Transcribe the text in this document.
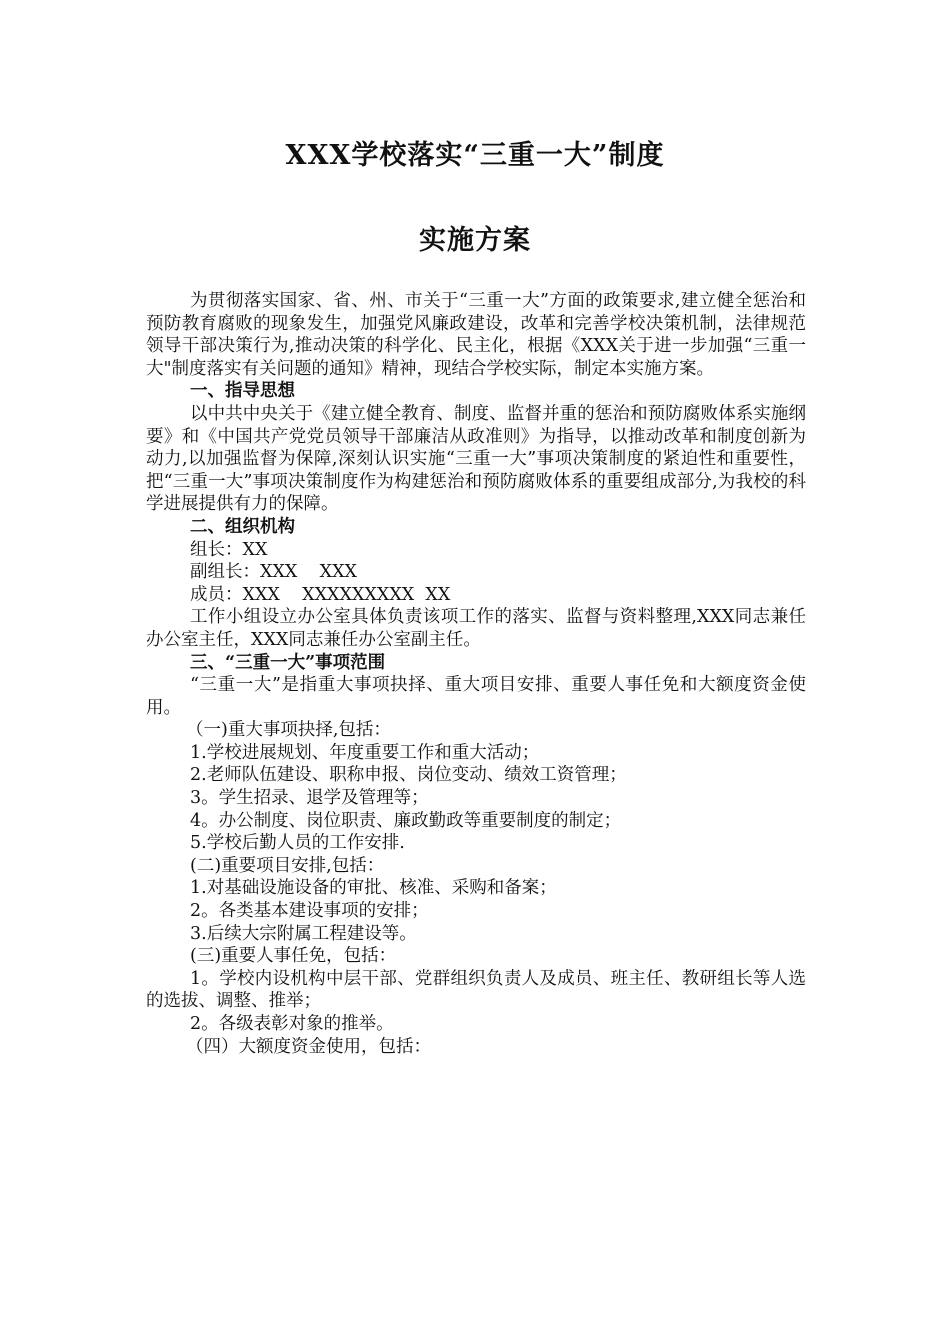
XXX学校落实“三重一大”制度
实施方案

为贯彻落实国家、省、州、市关于“三重一大”方面的政策要求,建立健全惩治和预防教育腐败的现象发生，加强党风廉政建设，改革和完善学校决策机制，法律规范领导干部决策行为,推动决策的科学化、民主化，根据《XXX关于进一步加强“三重一大"制度落实有关问题的通知》精神，现结合学校实际，制定本实施方案。

一、指导思想

以中共中央关于《建立健全教育、制度、监督并重的惩治和预防腐败体系实施纲要》和《中国共产党党员领导干部廉洁从政准则》为指导，以推动改革和制度创新为动力,以加强监督为保障,深刻认识实施“三重一大”事项决策制度的紧迫性和重要性，把“三重一大”事项决策制度作为构建惩治和预防腐败体系的重要组成部分,为我校的科学进展提供有力的保障。

二、组织机构

组长：XX

副组长：XXX    XXX

成员：XXX    XXXXXXXXX  XX

工作小组设立办公室具体负责该项工作的落实、监督与资料整理,XXX同志兼任办公室主任，XXX同志兼任办公室副主任。

三、“三重一大”事项范围

“三重一大”是指重大事项抉择、重大项目安排、重要人事任免和大额度资金使用。

（一)重大事项抉择,包括：

1.学校进展规划、年度重要工作和重大活动；

2.老师队伍建设、职称申报、岗位变动、绩效工资管理；

3。学生招录、退学及管理等；

4。办公制度、岗位职责、廉政勤政等重要制度的制定；

5.学校后勤人员的工作安排.

(二)重要项目安排,包括：

1.对基础设施设备的审批、核准、采购和备案；

2。各类基本建设事项的安排；

3.后续大宗附属工程建设等。

(三)重要人事任免，包括：

1。学校内设机构中层干部、党群组织负责人及成员、班主任、教研组长等人选的选拔、调整、推举；

2。各级表彰对象的推举。

（四）大额度资金使用，包括：
